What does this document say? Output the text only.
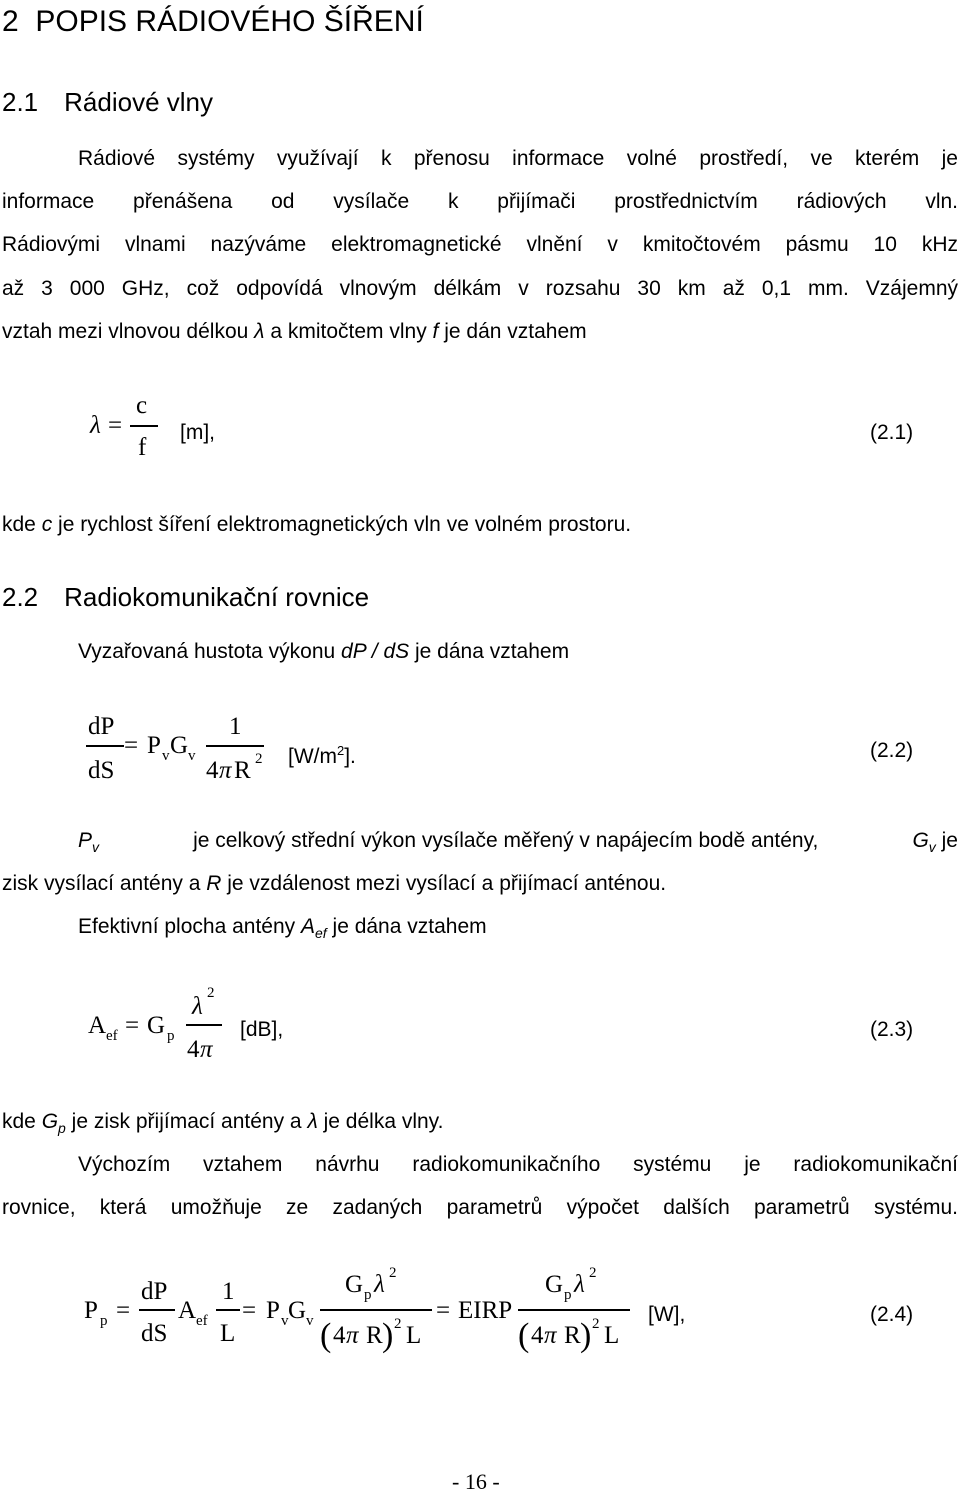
2 POPIS RÁDIOVÉHO ŠÍŘENÍ
2.1 Rádiové vlny
Rádiové systémy využívají k přenosu informace volné prostředí, ve kterém je
informace přenášena od vysílače k přijímači prostřednictvím rádiových vln.
Rádiovými vlnami nazýváme elektromagnetické vlnění v kmitočtovém pásmu 10 kHz
až 3 000 GHz, což odpovídá vlnovým délkám v rozsahu 30 km až 0,1 mm. Vzájemný
vztah mezi vlnovou délkou λ a kmitočtem vlny f je dán vztahem
λ =
c
f
[m],	(2.1)
kde c je rychlost šíření elektromagnetických vln ve volném prostoru.
2.2 Radiokomunikační rovnice
Vyzařovaná hustota výkonu dP / dS je dána vztahem
dP
dS
= P v G v
1
4 π R 2 $[W/m^2]$.	(2.2)
$P_v$	je celkový střední výkon vysílače měřený v napájecím bodě antény,	$G_v$ je
zisk vysílací antény a R je vzdálenost mezi vysílací a přijímací anténou.
Efektivní plocha antény $A_{ef}$ je dána vztahem
A ef = G p
λ 2
4 π
[dB],	(2.3)
kde $G_p$ je zisk přijímací antény a λ je délka vlny.
Výchozím vztahem návrhu radiokomunikačního systému je radiokomunikační
rovnice, která umožňuje ze zadaných parametrů výpočet dalších parametrů systému.
P p =
dP
dS
A ef
1
L
= P v G v
G p λ 2
( 4 π R ) 2 L
= EIRP
G p λ 2
( 4 π R ) 2 L
[W],	(2.4)
- 16 -
